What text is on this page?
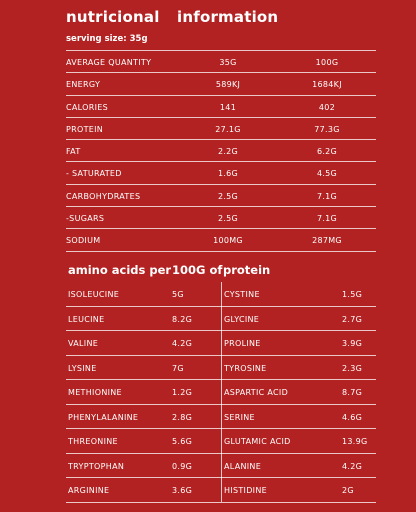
nutricional information
serving size: 35g
AVERAGE QUANTITY	35G	100G
ENERGY	589KJ	1684KJ
CALORIES	141	402
PROTEIN	27.1G	77.3G
FAT	2.2G	6.2G
- SATURATED	1.6G	4.5G
CARBOHYDRATES	2.5G	7.1G
-SUGARS	2.5G	7.1G
SODIUM	100MG	287MG
amino acids per 100G of protein
ISOLEUCINE	5G	CYSTINE	1.5G
LEUCINE	8.2G	GLYCINE	2.7G
VALINE	4.2G	PROLINE	3.9G
LYSINE	7G	TYROSINE	2.3G
METHIONINE	1.2G	ASPARTIC ACID	8.7G
PHENYLALANINE	2.8G	SERINE	4.6G
THREONINE	5.6G	GLUTAMIC ACID	13.9G
TRYPTOPHAN	0.9G	ALANINE	4.2G
ARGININE	3.6G	HISTIDINE	2G
